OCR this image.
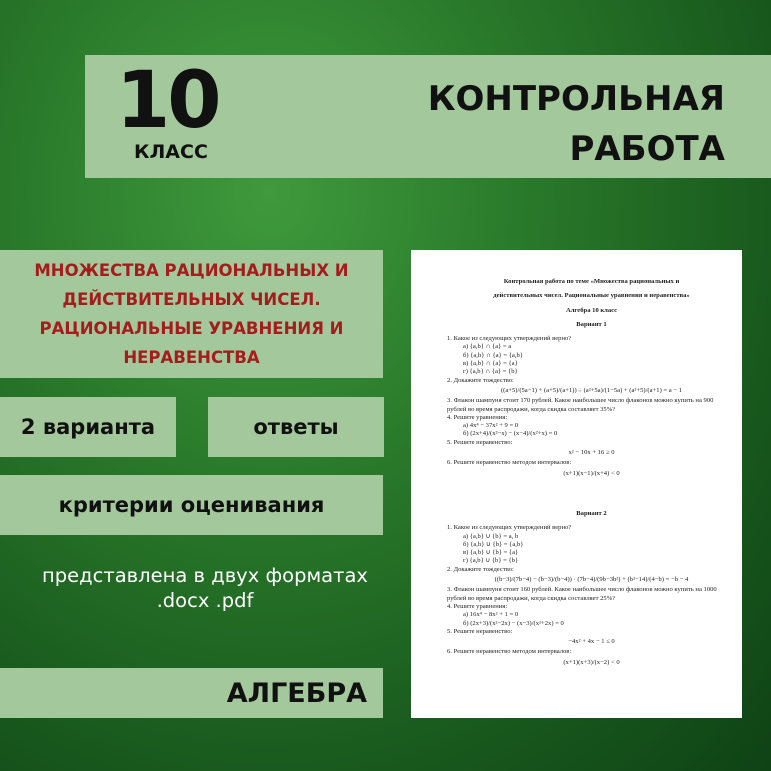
10
КЛАСС
КОНТРОЛЬНАЯ
РАБОТА
МНОЖЕСТВА РАЦИОНАЛЬНЫХ И ДЕЙСТВИТЕЛЬНЫХ ЧИСЕЛ. РАЦИОНАЛЬНЫЕ УРАВНЕНИЯ И НЕРАВЕНСТВА
2 варианта	ответы
критерии оценивания
представлена в двух форматах
.docx .pdf
АЛГЕБРА
Контрольная работа по теме «Множества рациональных и
действительных чисел. Рациональные уравнения и неравенства»
Алгебра 10 класс
Вариант 1
1. Какое из следующих утверждений верно?
а) {a,b} ∩ {a} = a
б) {a,b} ∩ {a} = {a,b}
в) {a,b} ∩ {a} = {a}
г) {a,b} ∩ {a} = {b}
2. Докажите тождество:
((a+5)/(5a−1) + (a+5)/(a+1)) ÷ (a²+5a)/(1−5a) + (a²+5)/(a+1) = a − 1
3. Флакон шампуня стоит 170 рублей. Какое наибольшее число флаконов можно купить на 900 рублей во время распродажи, когда скидка составляет 35%?
4. Решите уравнения:
а) 4x⁴ − 37x² + 9 = 0
б) (2x+4)/(x²−x) − (x−4)/(x²+x) = 0
5. Решите неравенство:
x² − 10x + 16 ≥ 0
6. Решите неравенство методом интервалов:
(x+1)(x−1)/(x+4) < 0
Вариант 2
1. Какое из следующих утверждений верно?
а) {a,b} ∪ {b} = a, b
б) {a,b} ∪ {b} = {a,b}
в) {a,b} ∪ {b} = {a}
г) {a,b} ∪ {b} = {b}
2. Докажите тождество:
((b−3)/(7b−4) − (b−3)/(b−4)) · (7b−4)/(9b−3b²) + (b²−14)/(4−b) = −b − 4
3. Флакон шампуня стоит 160 рублей. Какое наибольшее число флаконов можно купить на 1000 рублей во время распродажи, когда скидка составляет 25%?
4. Решите уравнения:
а) 16x⁴ − 8x² + 1 = 0
б) (2x+3)/(x²−2x) − (x−3)/(x²+2x) = 0
5. Решите неравенство:
−4x² + 4x − 1 ≤ 0
6. Решите неравенство методом интервалов:
(x+1)(x+3)/(x−2) < 0
